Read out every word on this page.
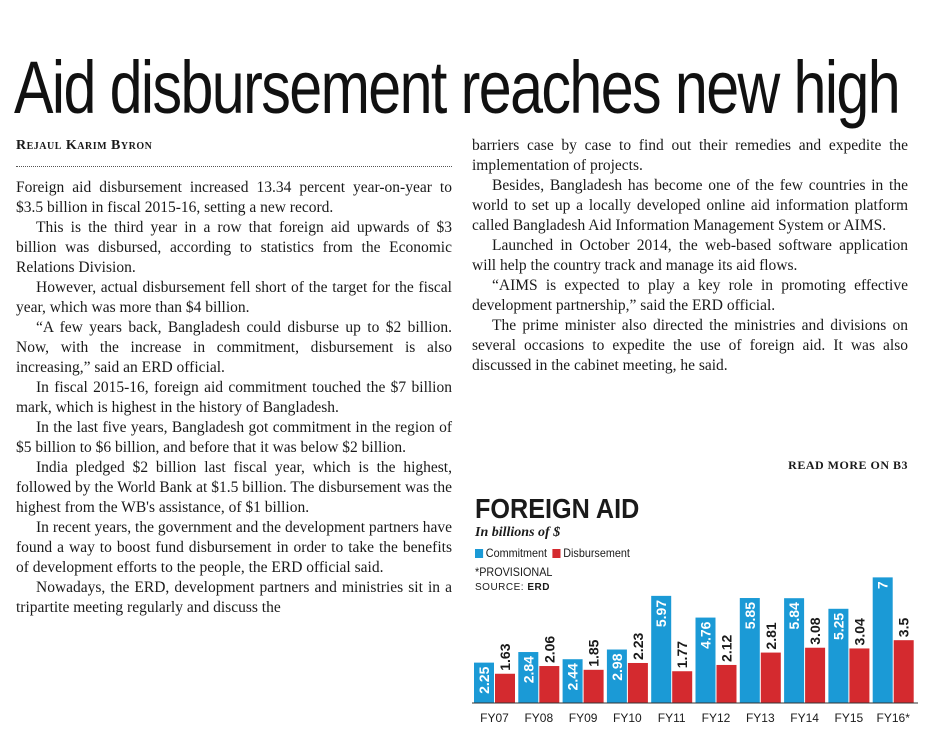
Aid disbursement reaches new high
Rejaul Karim Byron

Foreign aid disbursement increased 13.34 percent year-on-year to $3.5 billion in fiscal 2015-16, setting a new record.

This is the third year in a row that foreign aid upwards of $3 billion was disbursed, according to statistics from the Economic Relations Division.

However, actual disbursement fell short of the target for the fiscal year, which was more than $4 billion.

“A few years back, Bangladesh could disburse up to $2 billion. Now, with the increase in commitment, disbursement is also increasing,” said an ERD official.

In fiscal 2015-16, foreign aid commitment touched the $7 billion mark, which is highest in the history of Bangladesh.

In the last five years, Bangladesh got commitment in the region of $5 billion to $6 billion, and before that it was below $2 billion.

India pledged $2 billion last fiscal year, which is the highest, followed by the World Bank at $1.5 billion. The disbursement was the highest from the WB's assistance, of $1 billion.

In recent years, the government and the development partners have found a way to boost fund disbursement in order to take the benefits of development efforts to the people, the ERD official said.

Nowadays, the ERD, development partners and ministries sit in a tripartite meeting regularly and discuss the

barriers case by case to find out their remedies and expedite the implementation of projects.

Besides, Bangladesh has become one of the few countries in the world to set up a locally developed online aid information platform called Bangladesh Aid Information Management System or AIMS.

Launched in October 2014, the web-based software application will help the country track and manage its aid flows.

“AIMS is expected to play a key role in promoting effective development partnership,” said the ERD official.

The prime minister also directed the ministries and divisions on several occasions to expedite the use of foreign aid. It was also discussed in the cabinet meeting, he said.

READ MORE ON B3
FOREIGN AID
In billions of $
Commitment Disbursement
*PROVISIONAL
SOURCE: ERD
2.25
1.63
FY07
2.84
2.06
FY08
2.44
1.85
FY09
2.98
2.23
FY10
5.97
1.77
FY11
4.76 2.12
FY12
5.85
2.81
FY13
5.84
3.08
FY14
5.25 3.04
FY15
7
3.5
FY16*
